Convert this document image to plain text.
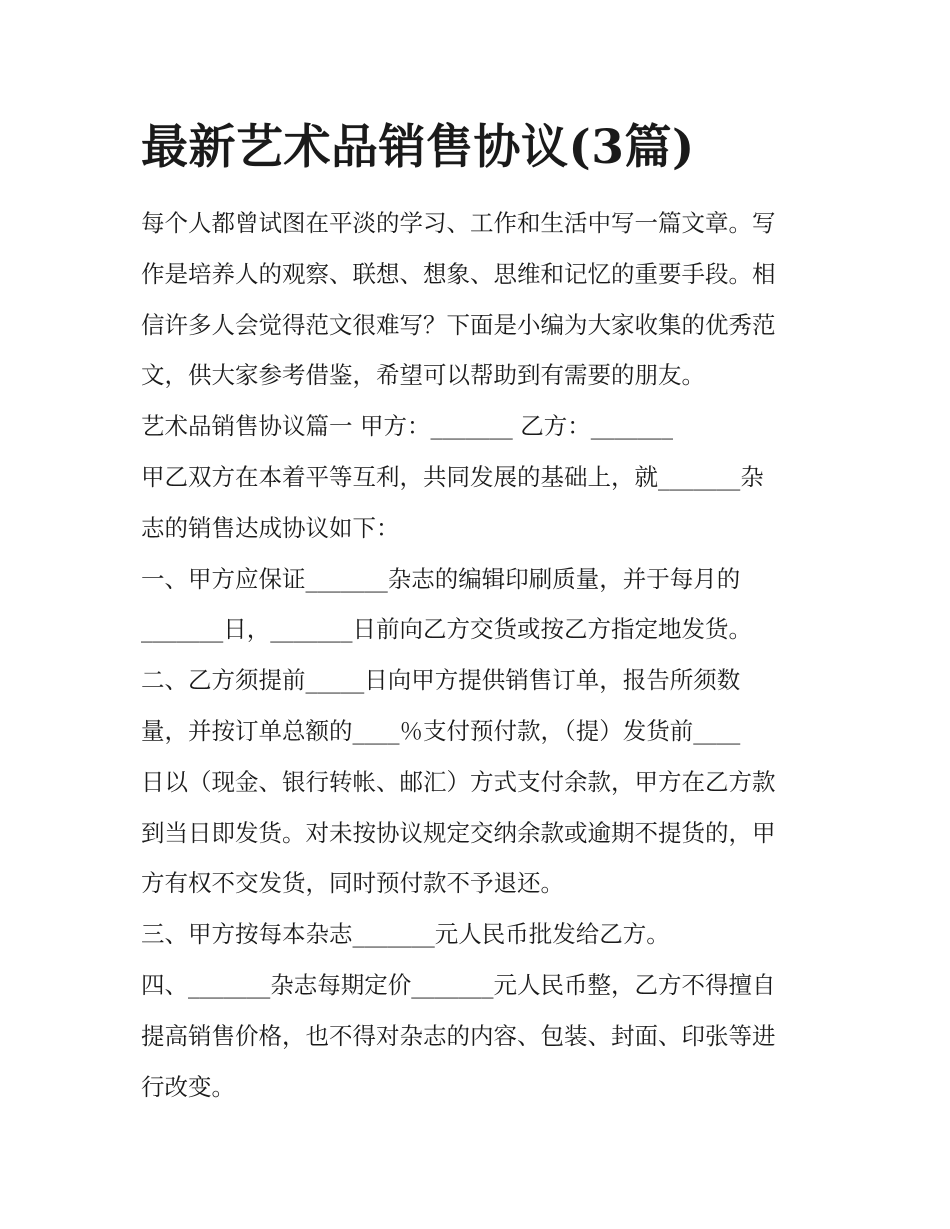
最新艺术品销售协议(3篇)
每个人都曾试图在平淡的学习、工作和生活中写一篇文章。写
作是培养人的观察、联想、想象、思维和记忆的重要手段。相
信许多人会觉得范文很难写？下面是小编为大家收集的优秀范
文，供大家参考借鉴，希望可以帮助到有需要的朋友。
艺术品销售协议篇一 甲方：_______ 乙方：_______
甲乙双方在本着平等互利，共同发展的基础上，就_______杂
志的销售达成协议如下：
一、甲方应保证_______杂志的编辑印刷质量，并于每月的
_______日，_______日前向乙方交货或按乙方指定地发货。
二、乙方须提前_____日向甲方提供销售订单，报告所须数
量，并按订单总额的____％支付预付款，（提）发货前____
日以（现金、银行转帐、邮汇）方式支付余款，甲方在乙方款
到当日即发货。对未按协议规定交纳余款或逾期不提货的，甲
方有权不交发货，同时预付款不予退还。
三、甲方按每本杂志_______元人民币批发给乙方。
四、_______杂志每期定价_______元人民币整，乙方不得擅自
提高销售价格，也不得对杂志的内容、包装、封面、印张等进
行改变。
